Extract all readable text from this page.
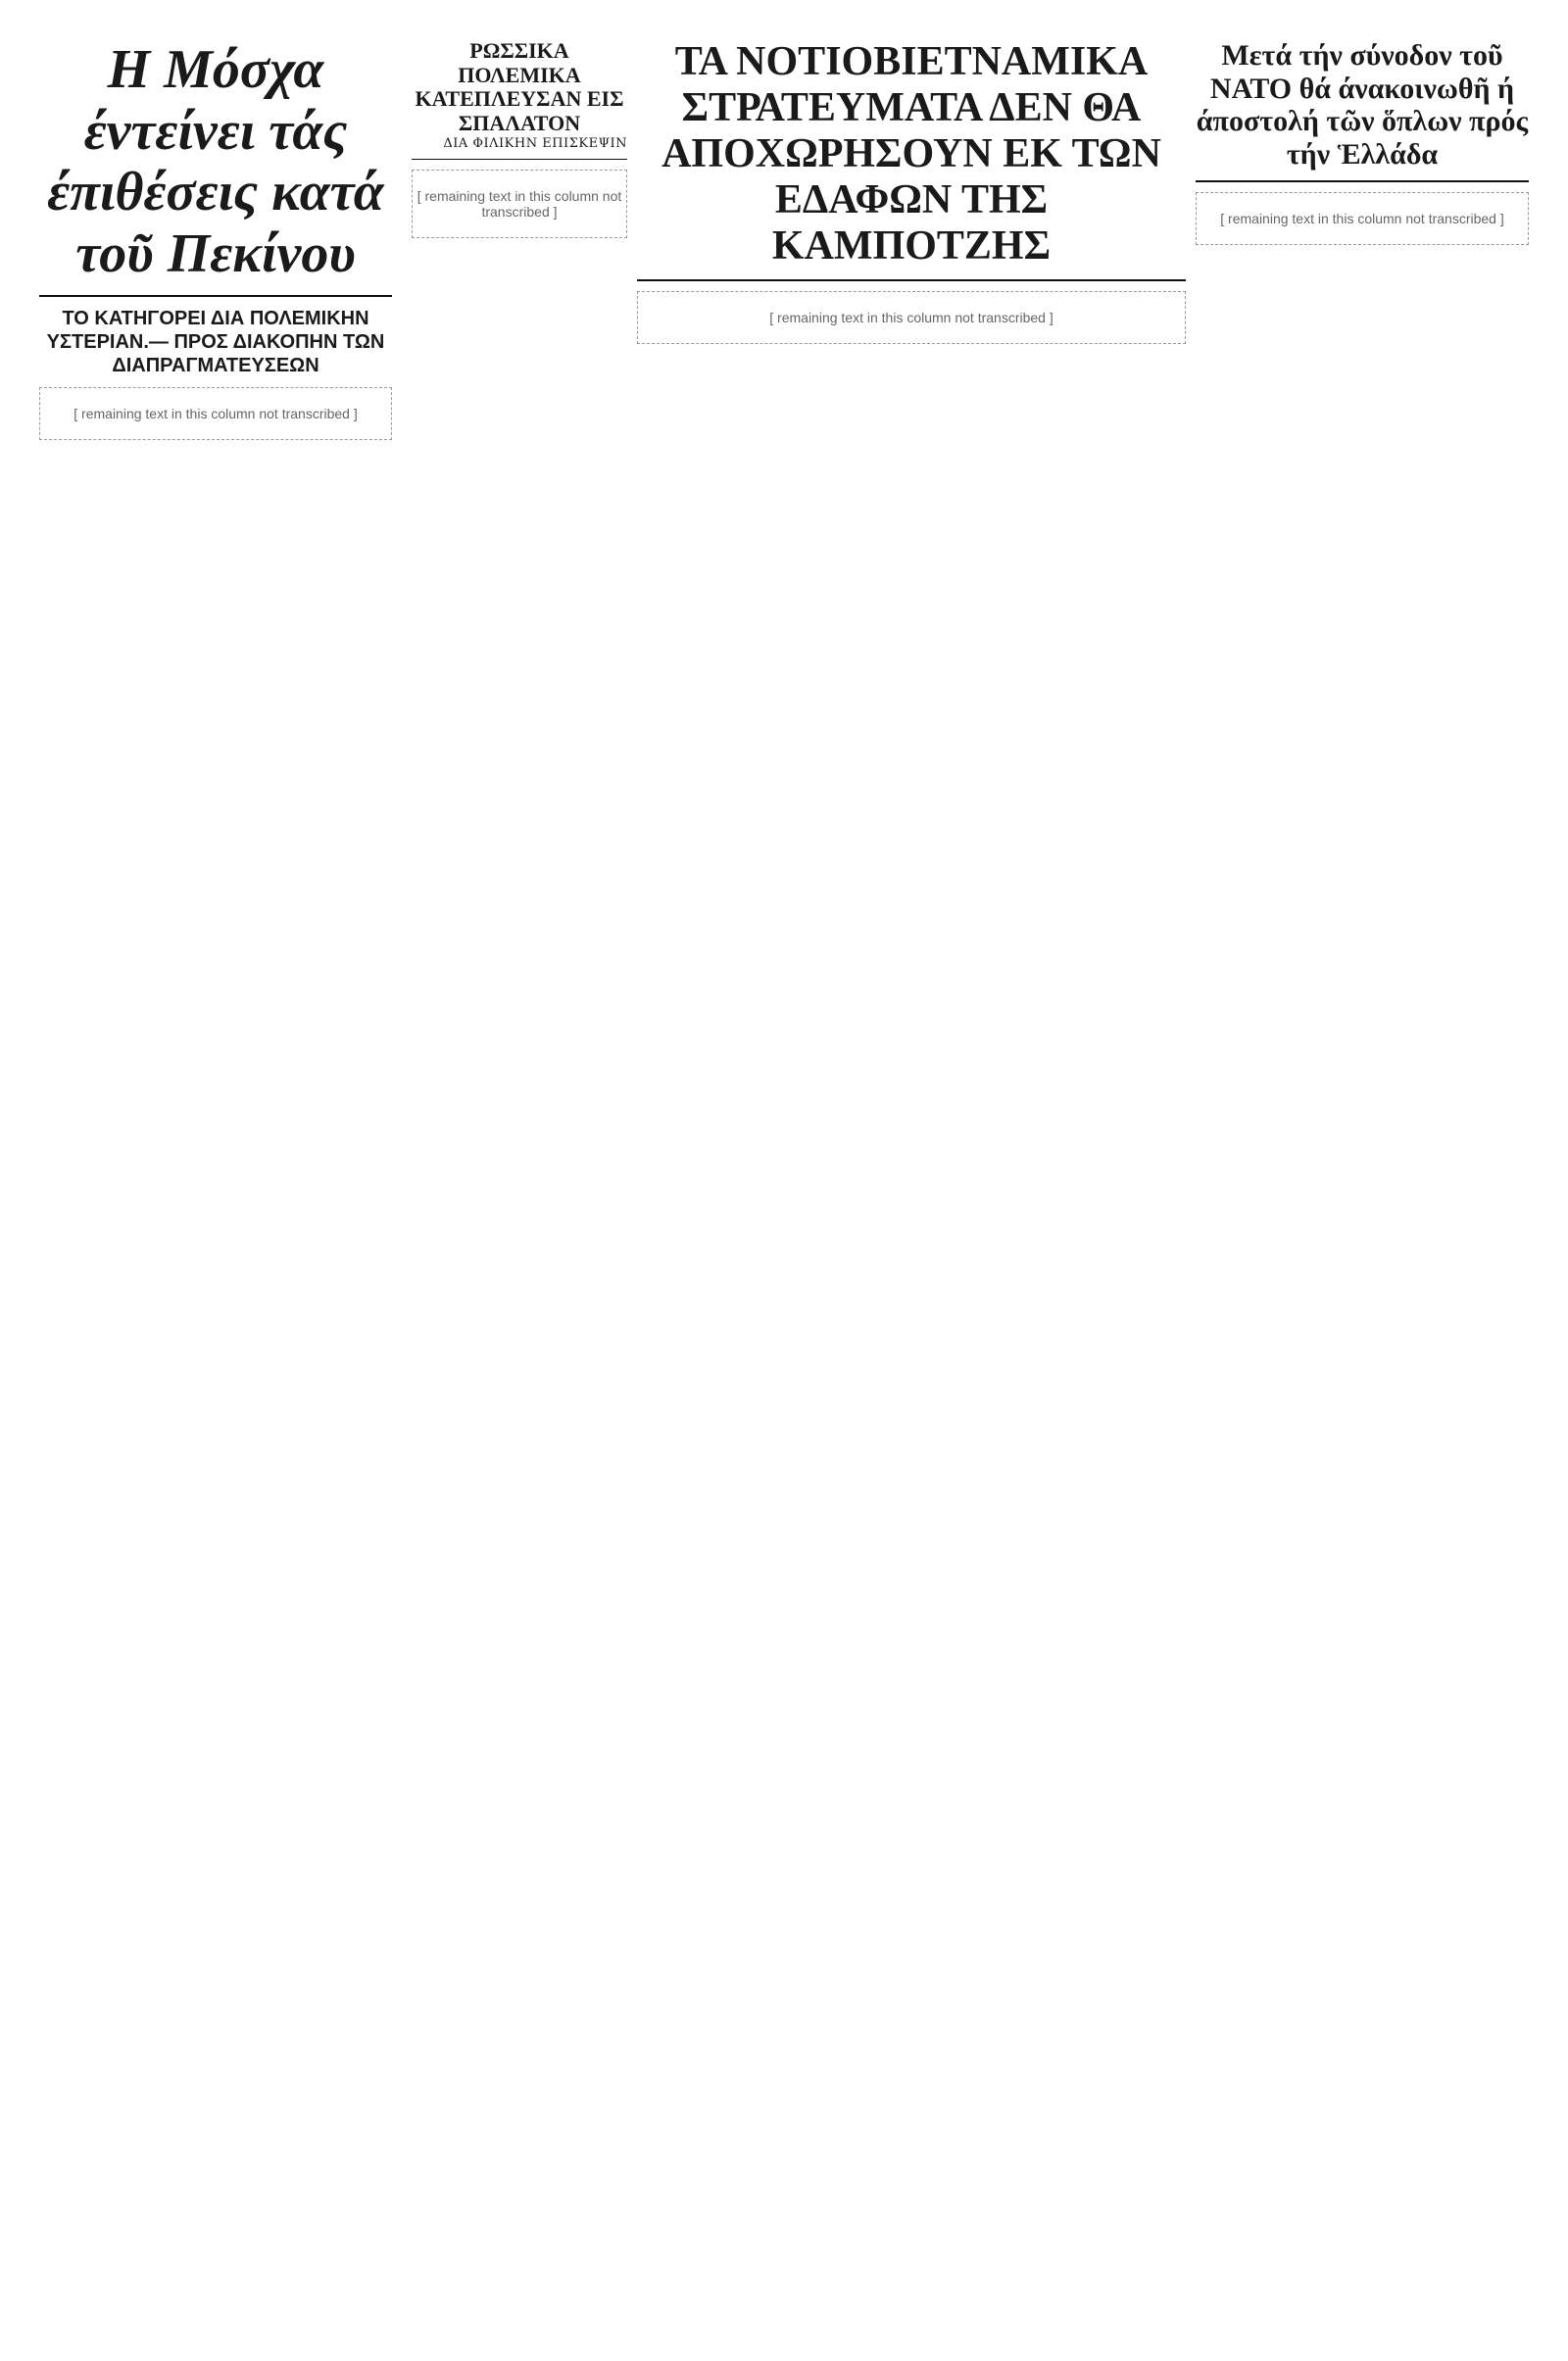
Η Μόσχα έντείνει τάς έπιθέσεις κατά τοῦ Πεκίνου
ΤΟ ΚΑΤΗΓΟΡΕΙ ΔΙΑ ΠΟΛΕΜΙΚΗΝ ΥΣΤΕΡΙΑΝ.— ΠΡΟΣ ΔΙΑΚΟΠΗΝ ΤΩΝ ΔΙΑΠΡΑΓΜΑΤΕΥΣΕΩΝ
[ remaining text in this column not transcribed ]
ΡΩΣΣΙΚΑ ΠΟΛΕΜΙΚΑ ΚΑΤΕΠΛΕΥΣΑΝ ΕΙΣ ΣΠΑΛΑΤΟΝ
ΔΙΑ ΦΙΛΙΚΗΝ ΕΠΙΣΚΕΨΙΝ
[ remaining text in this column not transcribed ]
ΤΑ ΝΟΤΙΟΒΙΕΤΝΑΜΙΚΑ ΣΤΡΑΤΕΥΜΑΤΑ ΔΕΝ ΘΑ ΑΠΟΧΩΡΗΣΟΥΝ ΕΚ ΤΩΝ ΕΔΑΦΩΝ ΤΗΣ ΚΑΜΠΟΤΖΗΣ
[ remaining text in this column not transcribed ]
Μετά τήν σύνοδον τοῦ ΝΑΤΟ θά άνακοινωθῆ ή άποστολή τῶν ὅπλων πρός τήν Ἑλλάδα
[ remaining text in this column not transcribed ]
